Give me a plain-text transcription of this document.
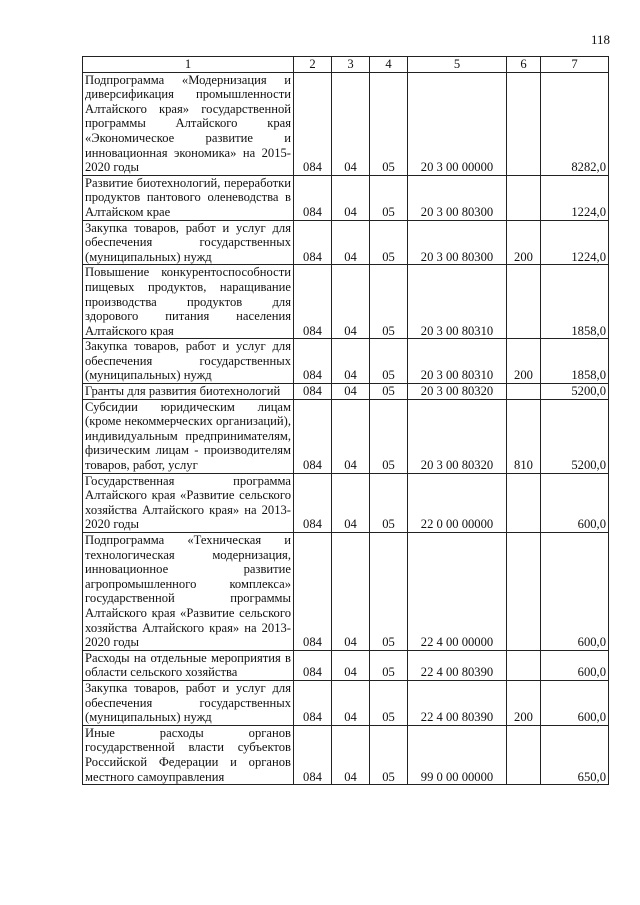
118
1	2	3	4	5	6	7
Подпрограмма «Модернизация и диверсификация промышленности Алтайского края» государственной программы Алтайского края «Экономическое развитие и инновационная экономика» на 2015-2020 годы	084	04	05	20 3 00 00000		8282,0
Развитие биотехнологий, переработки продуктов пантового оленеводства в Алтайском крае	084	04	05	20 3 00 80300		1224,0
Закупка товаров, работ и услуг для обеспечения государственных (муниципальных) нужд	084	04	05	20 3 00 80300	200	1224,0
Повышение конкурентоспособности пищевых продуктов, наращивание производства продуктов для здорового питания населения Алтайского края	084	04	05	20 3 00 80310		1858,0
Закупка товаров, работ и услуг для обеспечения государственных (муниципальных) нужд	084	04	05	20 3 00 80310	200	1858,0
Гранты для развития биотехнологий	084	04	05	20 3 00 80320		5200,0
Субсидии юридическим лицам (кроме некоммерческих организаций), индивидуальным предпринимателям, физическим лицам - производителям товаров, работ, услуг	084	04	05	20 3 00 80320	810	5200,0
Государственная программа Алтайского края «Развитие сельского хозяйства Алтайского края» на 2013-2020 годы	084	04	05	22 0 00 00000		600,0
Подпрограмма «Техническая и технологическая модернизация, инновационное развитие агропромышленного комплекса» государственной программы Алтайского края «Развитие сельского хозяйства Алтайского края» на 2013-2020 годы	084	04	05	22 4 00 00000		600,0
Расходы на отдельные мероприятия в области сельского хозяйства	084	04	05	22 4 00 80390		600,0
Закупка товаров, работ и услуг для обеспечения государственных (муниципальных) нужд	084	04	05	22 4 00 80390	200	600,0
Иные расходы органов государственной власти субъектов Российской Федерации и органов местного самоуправления	084	04	05	99 0 00 00000		650,0
